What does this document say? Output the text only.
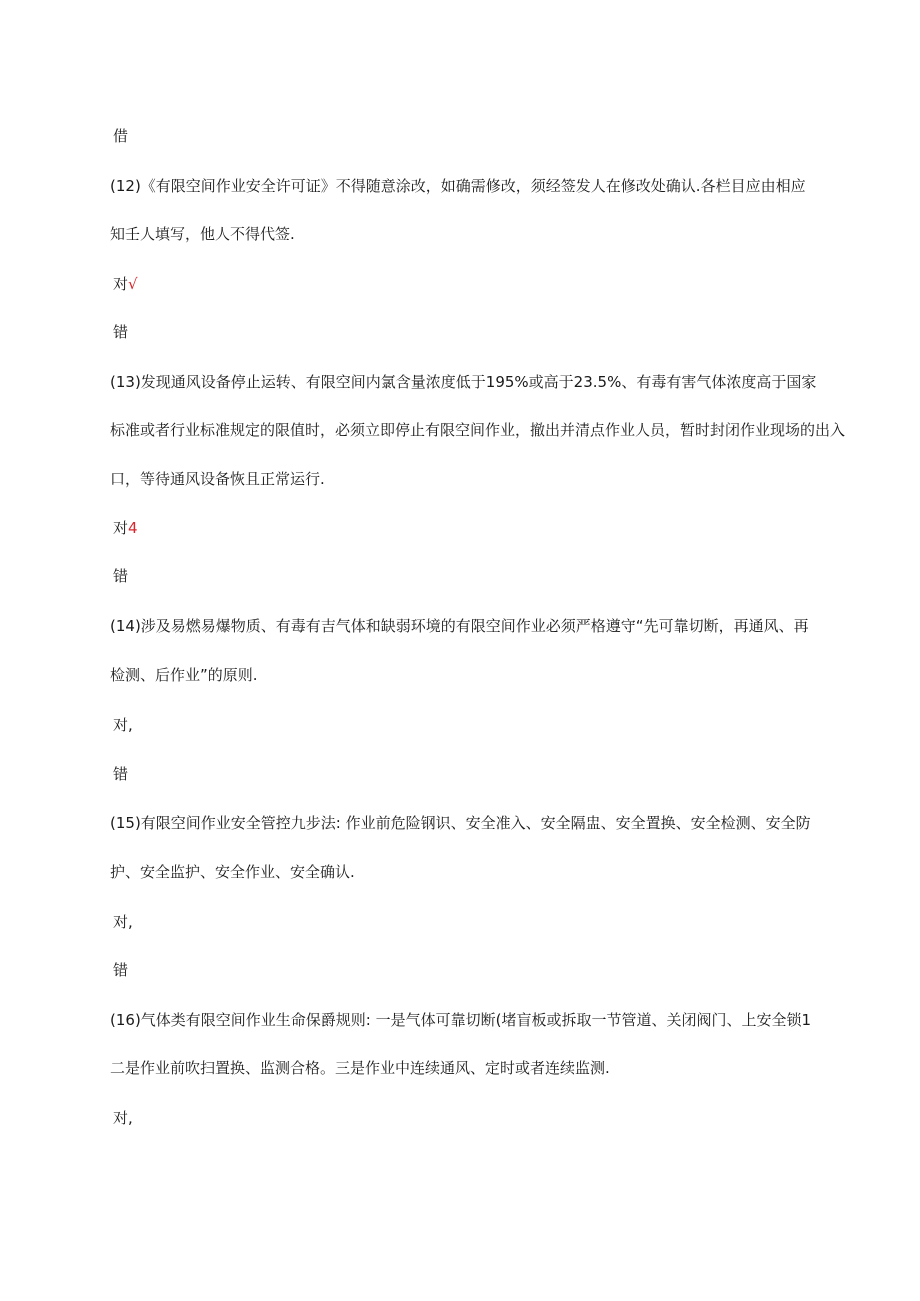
借
(12)《有限空间作业安全许可证》不得随意涂改，如确需修改，须经签发人在修改处确认.各栏目应由相应
知壬人填写，他人不得代签.
对√
错
(13)发现通风设备停止运转、有限空间内氯含量浓度低于195%或高于23.5%、有毒有害气体浓度高于国家
标准或者行业标准规定的限值时，必须立即停止有限空间作业，撤出并清点作业人员，暂时封闭作业现场的出入
口，等待通风设备恢且正常运行.
对4
错
(14)涉及易燃易爆物质、有毒有吉气体和缺弱环境的有限空间作业必须严格遵守“先可靠切断，再通风、再
检测、后作业”的原则.
对,
错
(15)有限空间作业安全管控九步法: 作业前危险钢识、安全准入、安全隔盅、安全置换、安全检测、安全防
护、安全监护、安全作业、安全确认.
对,
错
(16)气体类有限空间作业生命保爵规则: 一是气体可靠切断(堵盲板或拆取一节管道、关闭阀门、上安全锁1
二是作业前吹扫置换、监测合格。三是作业中连续通风、定时或者连续监测.
对,
